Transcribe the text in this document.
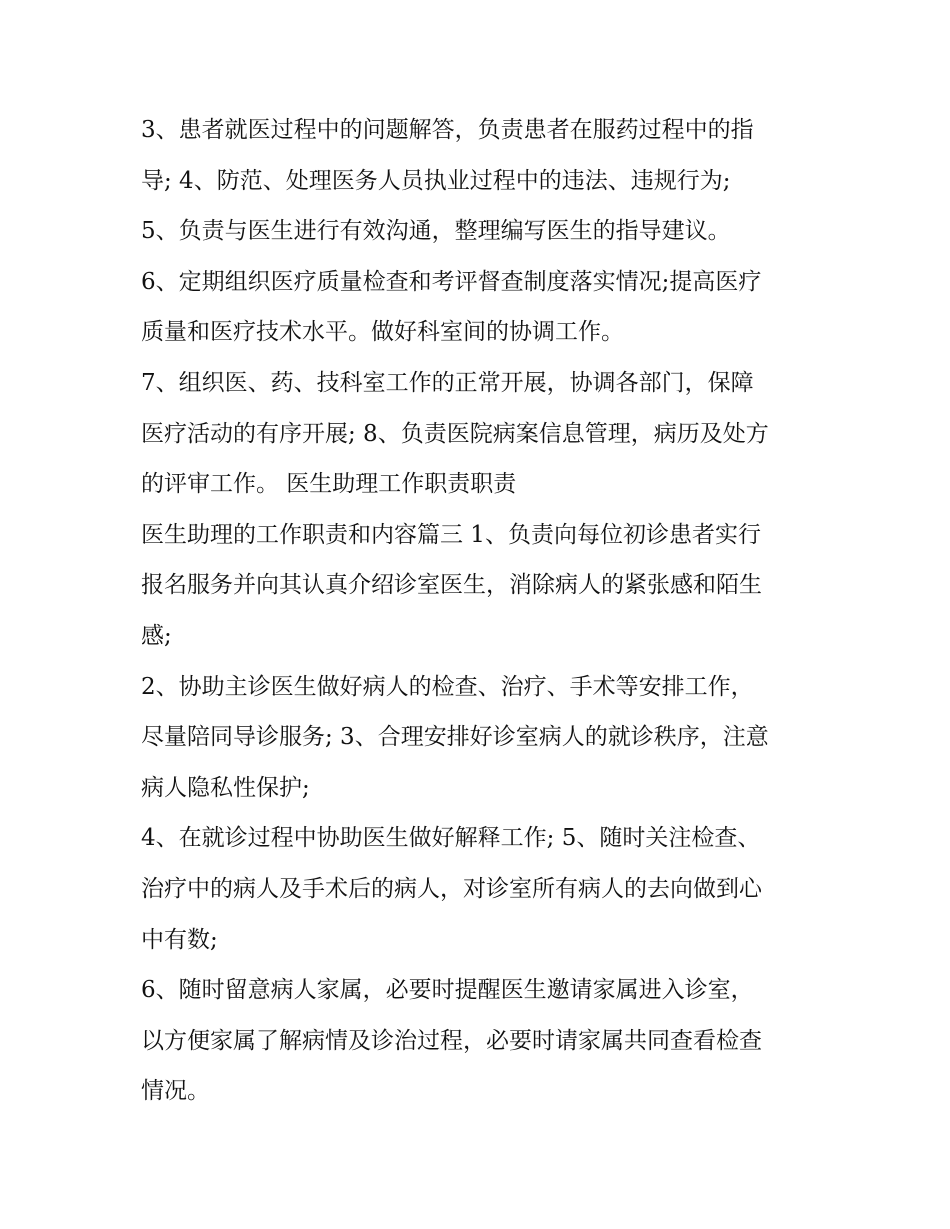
3、患者就医过程中的问题解答，负责患者在服药过程中的指
导; 4、防范、处理医务人员执业过程中的违法、违规行为;
5、负责与医生进行有效沟通，整理编写医生的指导建议。
6、定期组织医疗质量检查和考评督查制度落实情况;提高医疗
质量和医疗技术水平。做好科室间的协调工作。
7、组织医、药、技科室工作的正常开展，协调各部门，保障
医疗活动的有序开展; 8、负责医院病案信息管理，病历及处方
的评审工作。 医生助理工作职责职责
医生助理的工作职责和内容篇三 1、负责向每位初诊患者实行
报名服务并向其认真介绍诊室医生，消除病人的紧张感和陌生
感;
2、协助主诊医生做好病人的检查、治疗、手术等安排工作，
尽量陪同导诊服务; 3、合理安排好诊室病人的就诊秩序，注意
病人隐私性保护;
4、在就诊过程中协助医生做好解释工作; 5、随时关注检查、
治疗中的病人及手术后的病人，对诊室所有病人的去向做到心
中有数;
6、随时留意病人家属，必要时提醒医生邀请家属进入诊室，
以方便家属了解病情及诊治过程，必要时请家属共同查看检查
情况。
